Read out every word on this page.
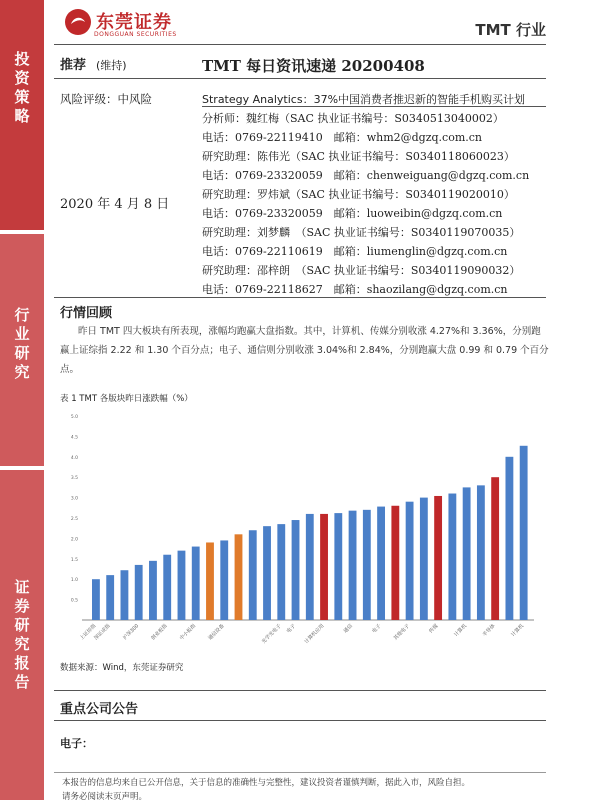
投
资
策
略
行
业
研
究
证
券
研
究
报
告
东莞证券
DONGGUAN SECURITIES	TMT 行业
推荐 (维持)	TMT 每日资讯速递 20200408
风险评级：中风险	Strategy Analytics：37%中国消费者推迟新的智能手机购买计划
2020 年 4 月 8 日
分析师：魏红梅（SAC 执业证书编号：S0340513040002）
电话：0769-22119410　邮箱：whm2@dgzq.com.cn
研究助理：陈伟光（SAC 执业证书编号：S0340118060023）
电话：0769-23320059　邮箱：chenweiguang@dgzq.com.cn
研究助理：罗炜斌（SAC 执业证书编号：S0340119020010）
电话：0769-23320059　邮箱：luoweibin@dgzq.com.cn
研究助理：刘梦麟　（SAC 执业证书编号：S0340119070035）
电话：0769-22110619　邮箱：liumenglin@dgzq.com.cn
研究助理：邵梓朗　（SAC 执业证书编号：S0340119090032）
电话：0769-22118627　邮箱：shaozilang@dgzq.com.cn
行情回顾
昨日 TMT 四大板块有所表现，涨幅均跑赢大盘指数。其中，计算机、传媒分别收涨 4.27%和 3.36%，分别跑赢上证综指 2.22 和 1.30 个百分点；电子、通信则分别收涨 3.04%和 2.84%，分别跑赢大盘 0.99 和 0.79 个百分点。
表 1 TMT 各版块昨日涨跌幅（%）
0.5
1.0
1.5
2.0
2.5
3.0
3.5
4.0
4.5
5.0
上证综指
深证成指 沪深300 创业板指 中小板指 通信设备	光学光电子 电子 计算机应用	通信	电子 其他电子	传媒	计算机	半导体	计算机
数据来源：Wind，东莞证券研究
重点公司公告
电子：
本报告的信息均来自已公开信息，关于信息的准确性与完整性，建议投资者谨慎判断，据此入市，风险自担。
请务必阅读末页声明。
